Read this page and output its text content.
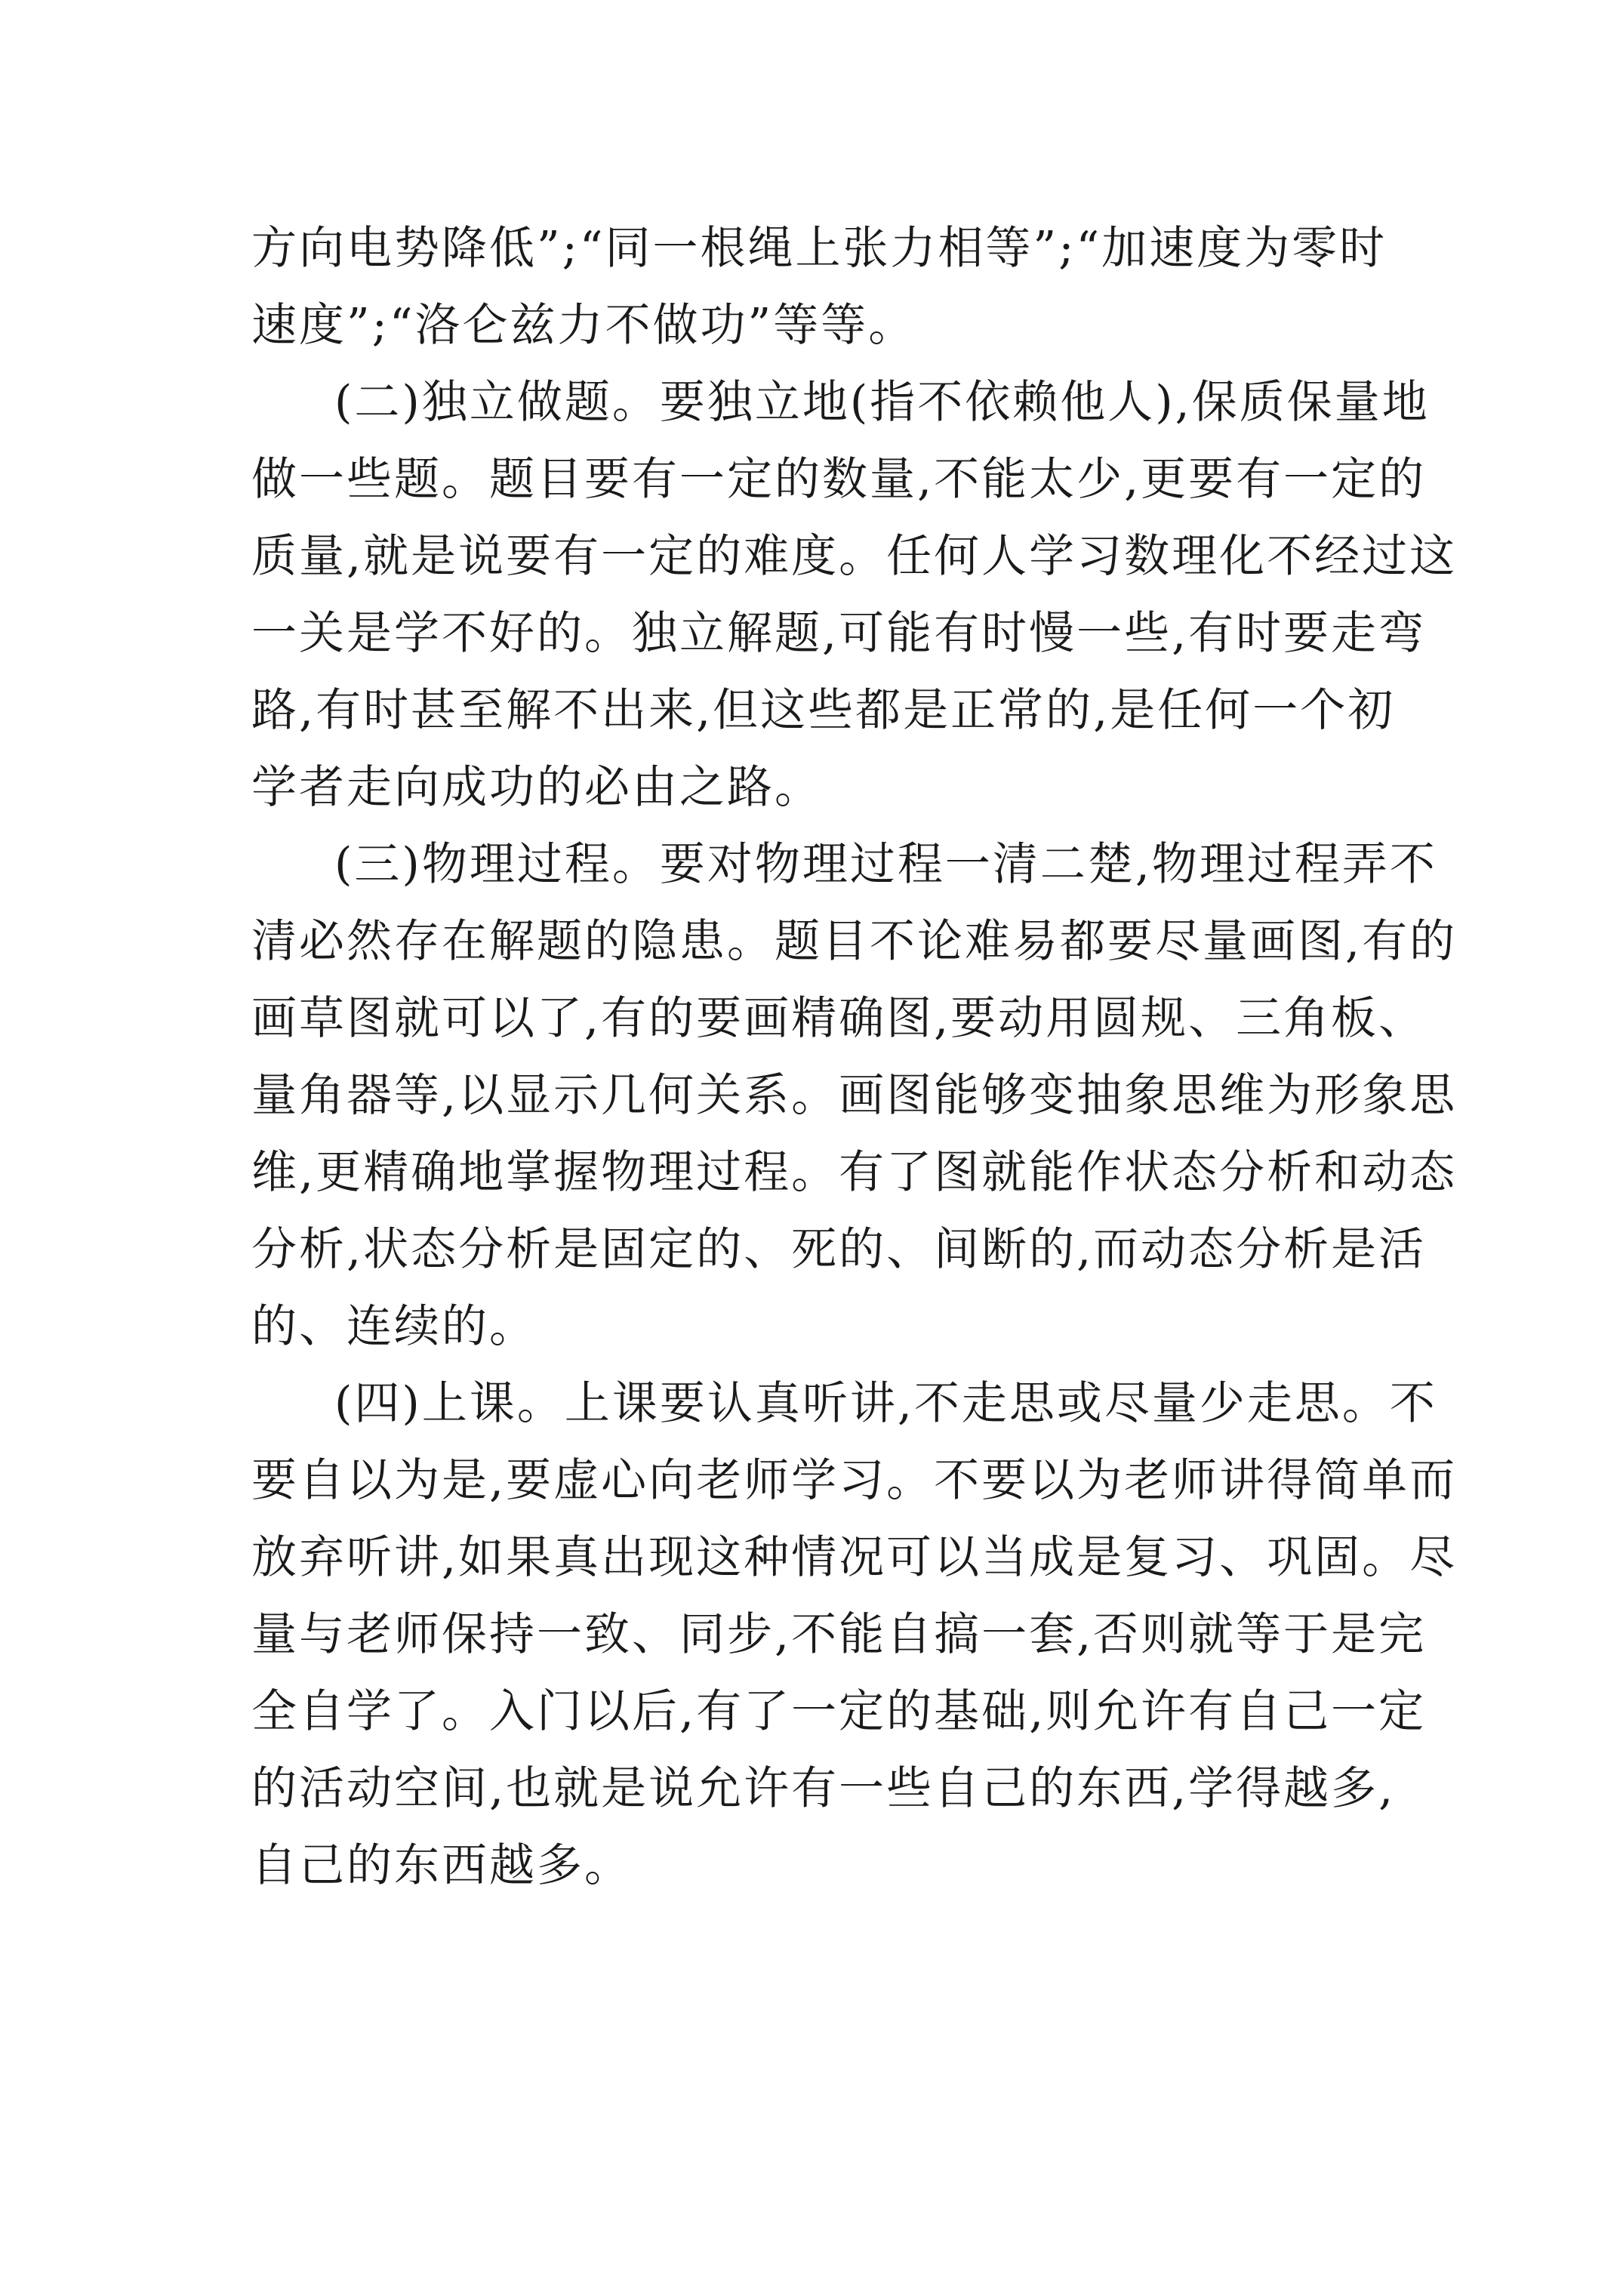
方向电势降低”;“同一根绳上张力相等”;“加速度为零时
速度”;“洛仑兹力不做功”等等。
(二)独立做题。要独立地(指不依赖他人),保质保量地
做一些题。题目要有一定的数量,不能太少,更要有一定的
质量,就是说要有一定的难度。任何人学习数理化不经过这
一关是学不好的。独立解题,可能有时慢一些,有时要走弯
路,有时甚至解不出来,但这些都是正常的,是任何一个初
学者走向成功的必由之路。
(三)物理过程。要对物理过程一清二楚,物理过程弄不
清必然存在解题的隐患。题目不论难易都要尽量画图,有的
画草图就可以了,有的要画精确图,要动用圆规、三角板、
量角器等,以显示几何关系。画图能够变抽象思维为形象思
维,更精确地掌握物理过程。有了图就能作状态分析和动态
分析,状态分析是固定的、死的、间断的,而动态分析是活
的、连续的。
(四)上课。上课要认真听讲,不走思或尽量少走思。不
要自以为是,要虚心向老师学习。不要以为老师讲得简单而
放弃听讲,如果真出现这种情况可以当成是复习、巩固。尽
量与老师保持一致、同步,不能自搞一套,否则就等于是完
全自学了。入门以后,有了一定的基础,则允许有自己一定
的活动空间,也就是说允许有一些自己的东西,学得越多,
自己的东西越多。
